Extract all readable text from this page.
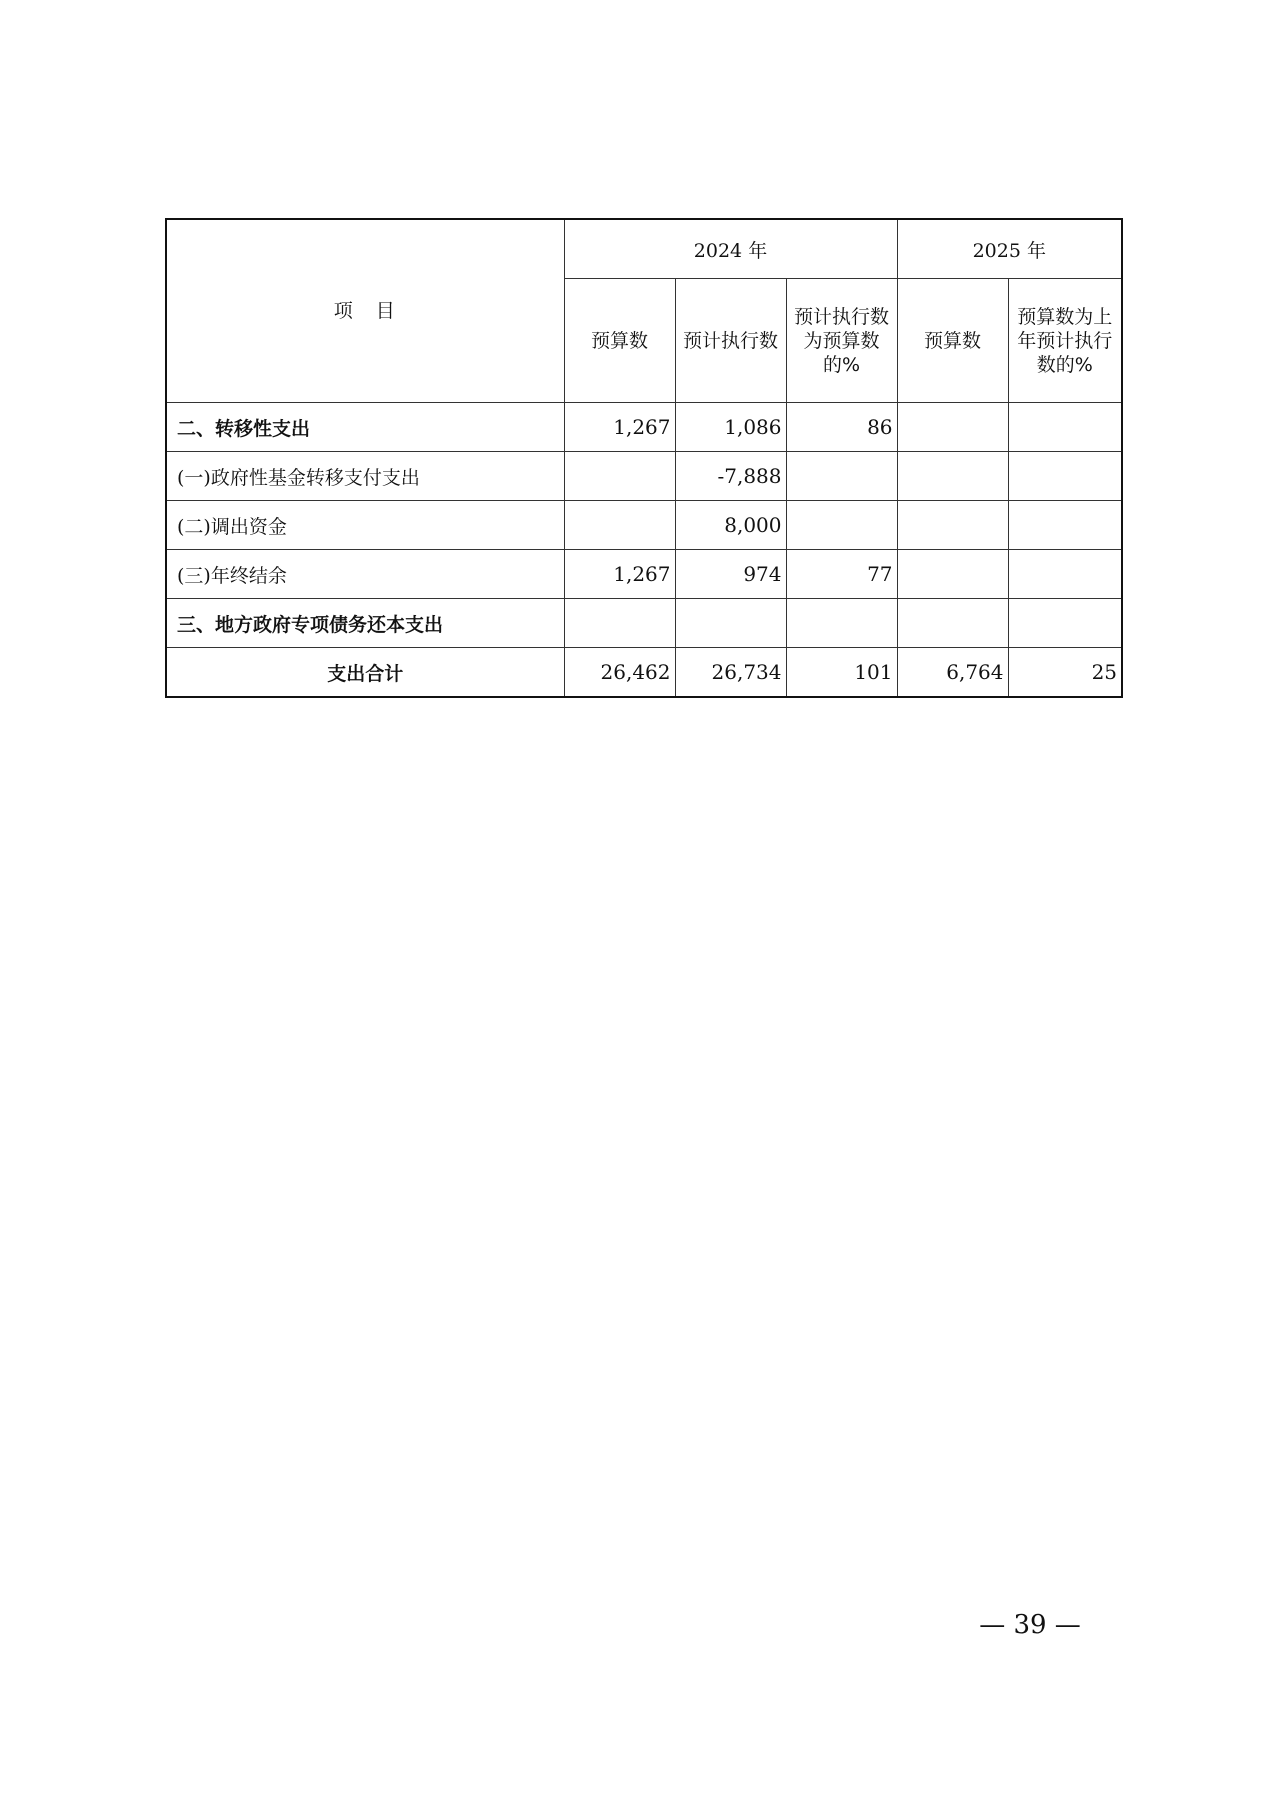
项　目	2024 年			2025 年	

	预算数	预计执行数	预计执行数为预算数的%	预算数	预算数为上年预计执行数的%

二、转移性支出	1,267	1,086	86		
(一)政府性基金转移支付支出		-7,888			
(二)调出资金		8,000			
(三)年终结余	1,267	974	77		
三、地方政府专项债务还本支出					
支出合计	26,462	26,734	101	6,764	25
— 39 —
